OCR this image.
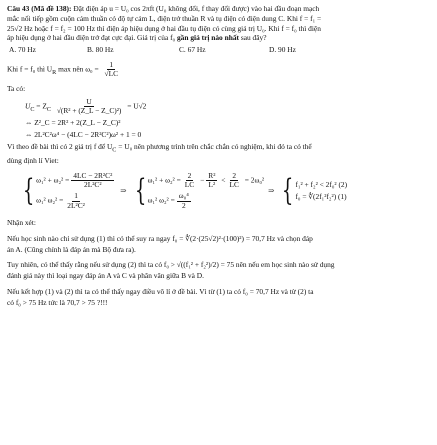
Câu 43 (Mã đề 138): Đặt điện áp u = U₀ cos 2πft (U₀ không đổi, f thay đổi được) vào hai đầu đoạn mạch
mắc nối tiếp gồm cuộn cảm thuần có độ tự cảm L, điện trở thuần R và tụ điện có điện dung C. Khi f = f₁ =
25√2 Hz hoặc f = f₂ = 100 Hz thì điện áp hiệu dụng ở hai đầu tụ điện có cùng giá trị U₀. Khi f = f₀ thì điện
áp hiệu dụng ở hai đầu điện trở đạt cực đại. Giá trị của f₀ gần giá trị nào nhất sau đây?
A. 70 Hz	B. 80 Hz	C. 67 Hz	D. 90 Hz
Khi f = f₀ thì $U_R$ max nên $\omega_0 = \frac{1}{√LC}$
Ta có:
$U_C = Z_C \frac{U}{\text{√(R² + (Z\_L − Z\_C)²)}} = U√2$
⇔ Z²_C = 2R² + 2(Z_L − Z_C)²
⇔ 2L²C²ω⁴ − (4LC − 2R²C²)ω² + 1 = 0
Vì theo đề bài thì có 2 giá trị f để $U_C = U_0$ nên phương trình trên chắc chắn có nghiệm, khi đó ta có thể
dùng định lí Viet:
{ $\omega_1^2 + \omega_2^2 = \frac{\text{4LC − 2R²C²}}{\text{2L²C²}}$
ω₁² $\omega_2^2 = \frac{1}{\text{2L²C²}}$
⇒ { $\omega_1^2 + \omega_2^2 = \frac{2}{LC} - \frac{\text{R²}}{\text{L²}} < \frac{2}{LC} = 2\omega_0^2$
ω₁² $\omega_2^2 = \frac{\text{ω₀⁴}}{2}$
⇒ { f₁² + f₂² < 2f₀² (2)
f₀ = ∜(2f₁²f₂²) (1)
Nhận xét:
Nếu học sinh nào chỉ sử dụng (1) thì có thể suy ra ngay f₀ = ∜(2·(25√2)²·(100)²) = 70,7 Hz và chọn đáp
án A. (Cũng chính là đáp án mà Bộ đưa ra).
Tuy nhiên, có thể thấy rằng nếu sử dụng (2) thì ta có f₀ > √((f₁² + f₂²)/2) = 75 nên nếu em học sinh nào sử dụng
đánh giá này thì loại ngay đáp án A và C và phân vân giữa B và D.
Nếu kết hợp (1) và (2) thì ta có thể thấy ngay điều vô lí ở đề bài. Vì từ (1) ta có f₀ = 70,7 Hz và từ (2) ta
có f₀ > 75 Hz tức là 70,7 > 75 ?!!!
